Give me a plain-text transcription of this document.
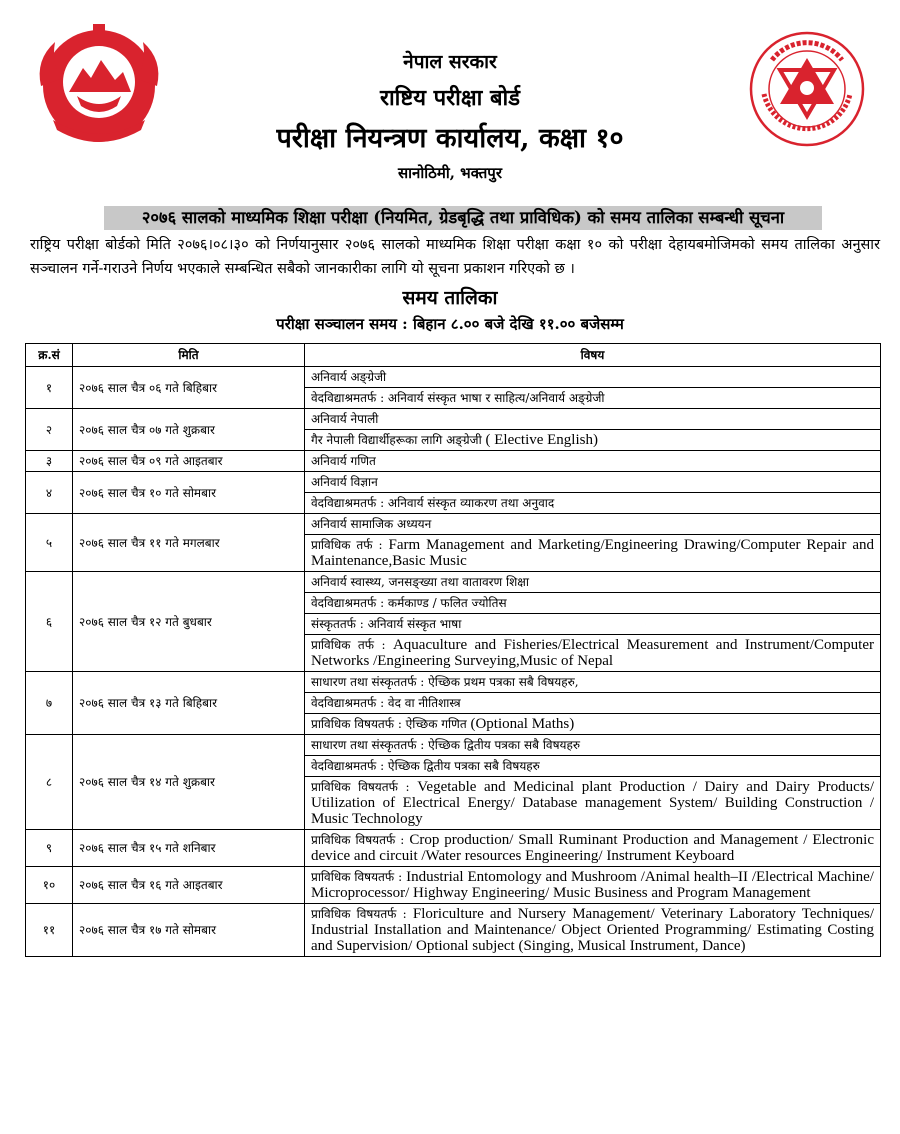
नेपाल सरकार
राष्टिय परीक्षा बोर्ड
परीक्षा नियन्त्रण कार्यालय, कक्षा १०
सानोठिमी, भक्तपुर
२०७६ सालको माध्यमिक शिक्षा परीक्षा (नियमित, ग्रेडबृद्धि तथा प्राविधिक) को समय तालिका सम्बन्धी सूचना
राष्ट्रिय परीक्षा बोर्डको मिति २०७६।०८।३० को निर्णयानुसार २०७६ सालको माध्यमिक शिक्षा परीक्षा कक्षा १० को परीक्षा देहायबमोजिमको समय तालिका अनुसार सञ्चालन गर्ने-गराउने निर्णय भएकाले सम्बन्धित सबैको जानकारीका लागि यो सूचना प्रकाशन गरिएको छ ।
समय तालिका
परीक्षा सञ्चालन समय : बिहान ८.०० बजे देखि ११.०० बजेसम्म
क्र.सं	मिति	विषय
१	२०७६ साल चैत्र ०६ गते बिहिबार	अनिवार्य अङ्ग्रेजी
		वेदविद्याश्रमतर्फ : अनिवार्य संस्कृत भाषा र साहित्य/अनिवार्य अङ्ग्रेजी
२	२०७६ साल चैत्र ०७ गते शुक्रबार	अनिवार्य नेपाली
		गैर नेपाली विद्यार्थीहरूका लागि अङ्ग्रेजी ( Elective English)
३	२०७६ साल चैत्र ०९ गते आइतबार	अनिवार्य गणित
४	२०७६ साल चैत्र १० गते सोमबार	अनिवार्य विज्ञान
		वेदविद्याश्रमतर्फ : अनिवार्य संस्कृत व्याकरण तथा अनुवाद
५	२०७६ साल चैत्र ११ गते मगलबार	अनिवार्य सामाजिक अध्ययन
		प्राविधिक तर्फ : Farm Management and Marketing/Engineering Drawing/Computer Repair and Maintenance,Basic Music
६	२०७६ साल चैत्र १२ गते बुधबार	अनिवार्य स्वास्थ्य, जनसङ्ख्या तथा वातावरण शिक्षा
		वेदविद्याश्रमतर्फ : कर्मकाण्ड / फलित ज्योतिस
		संस्कृततर्फ : अनिवार्य संस्कृत भाषा
		प्राविधिक तर्फ : Aquaculture and Fisheries/Electrical Measurement and Instrument/Computer Networks /Engineering Surveying,Music of Nepal
७	२०७६ साल चैत्र १३ गते बिहिबार	साधारण तथा संस्कृततर्फ : ऐच्छिक प्रथम पत्रका सबै विषयहरु,
		वेदविद्याश्रमतर्फ : वेद वा नीतिशास्त्र
		प्राविधिक विषयतर्फ : ऐच्छिक गणित (Optional Maths)
८	२०७६ साल चैत्र १४ गते शुक्रबार	साधारण तथा संस्कृततर्फ : ऐच्छिक द्वितीय पत्रका सबै विषयहरु
		वेदविद्याश्रमतर्फ : ऐच्छिक द्वितीय पत्रका सबै विषयहरु
		प्राविधिक विषयतर्फ : Vegetable and Medicinal plant Production / Dairy and Dairy Products/ Utilization of Electrical Energy/ Database management System/ Building Construction / Music Technology
९	२०७६ साल चैत्र १५ गते शनिबार	प्राविधिक विषयतर्फ : Crop production/ Small Ruminant Production and Management / Electronic device and circuit /Water resources Engineering/ Instrument Keyboard
१०	२०७६ साल चैत्र १६ गते आइतबार	प्राविधिक विषयतर्फ : Industrial Entomology and Mushroom /Animal health–II /Electrical Machine/ Microprocessor/ Highway Engineering/ Music Business and Program Management
११	२०७६ साल चैत्र १७ गते सोमबार	प्राविधिक विषयतर्फ : Floriculture and Nursery Management/ Veterinary Laboratory Techniques/ Industrial Installation and Maintenance/ Object Oriented Programming/ Estimating Costing and Supervision/ Optional subject (Singing, Musical Instrument, Dance)
